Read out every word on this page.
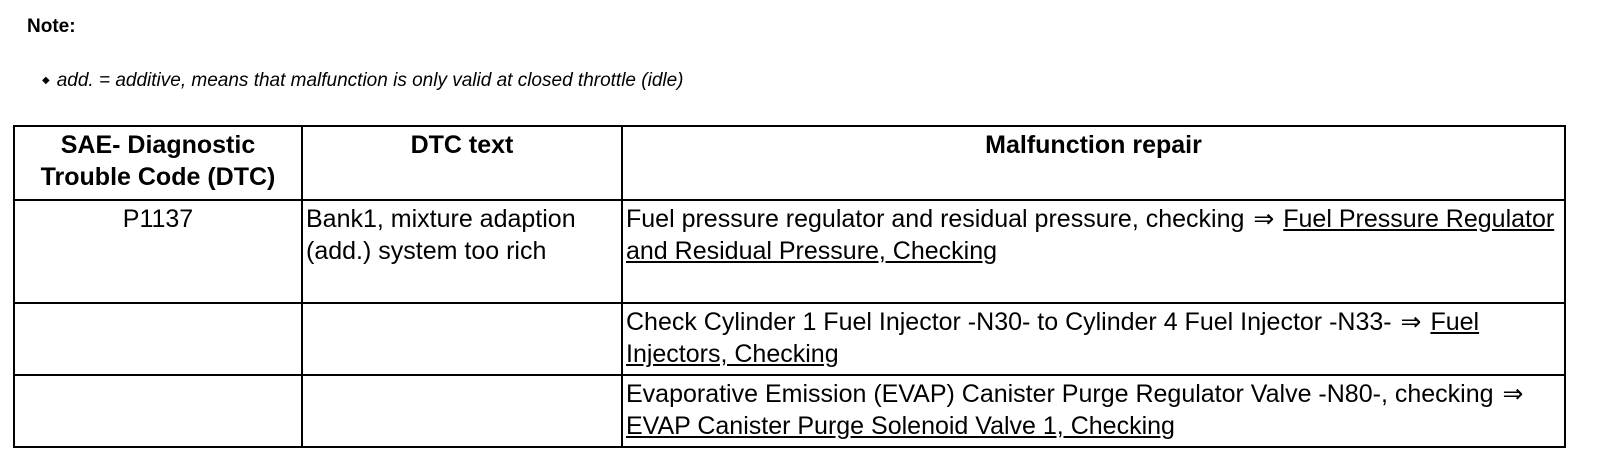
Note:
◆ add. = additive, means that malfunction is only valid at closed throttle (idle)
SAE- Diagnostic Trouble Code (DTC)	DTC text	Malfunction repair
P1137	Bank1, mixture adaption (add.) system too rich	Fuel pressure regulator and residual pressure, checking ⇒ Fuel Pressure Regulator and Residual Pressure, Checking
		Check Cylinder 1 Fuel Injector -N30- to Cylinder 4 Fuel Injector -N33- ⇒ Fuel Injectors, Checking
		Evaporative Emission (EVAP) Canister Purge Regulator Valve -N80-, checking ⇒ EVAP Canister Purge Solenoid Valve 1, Checking
